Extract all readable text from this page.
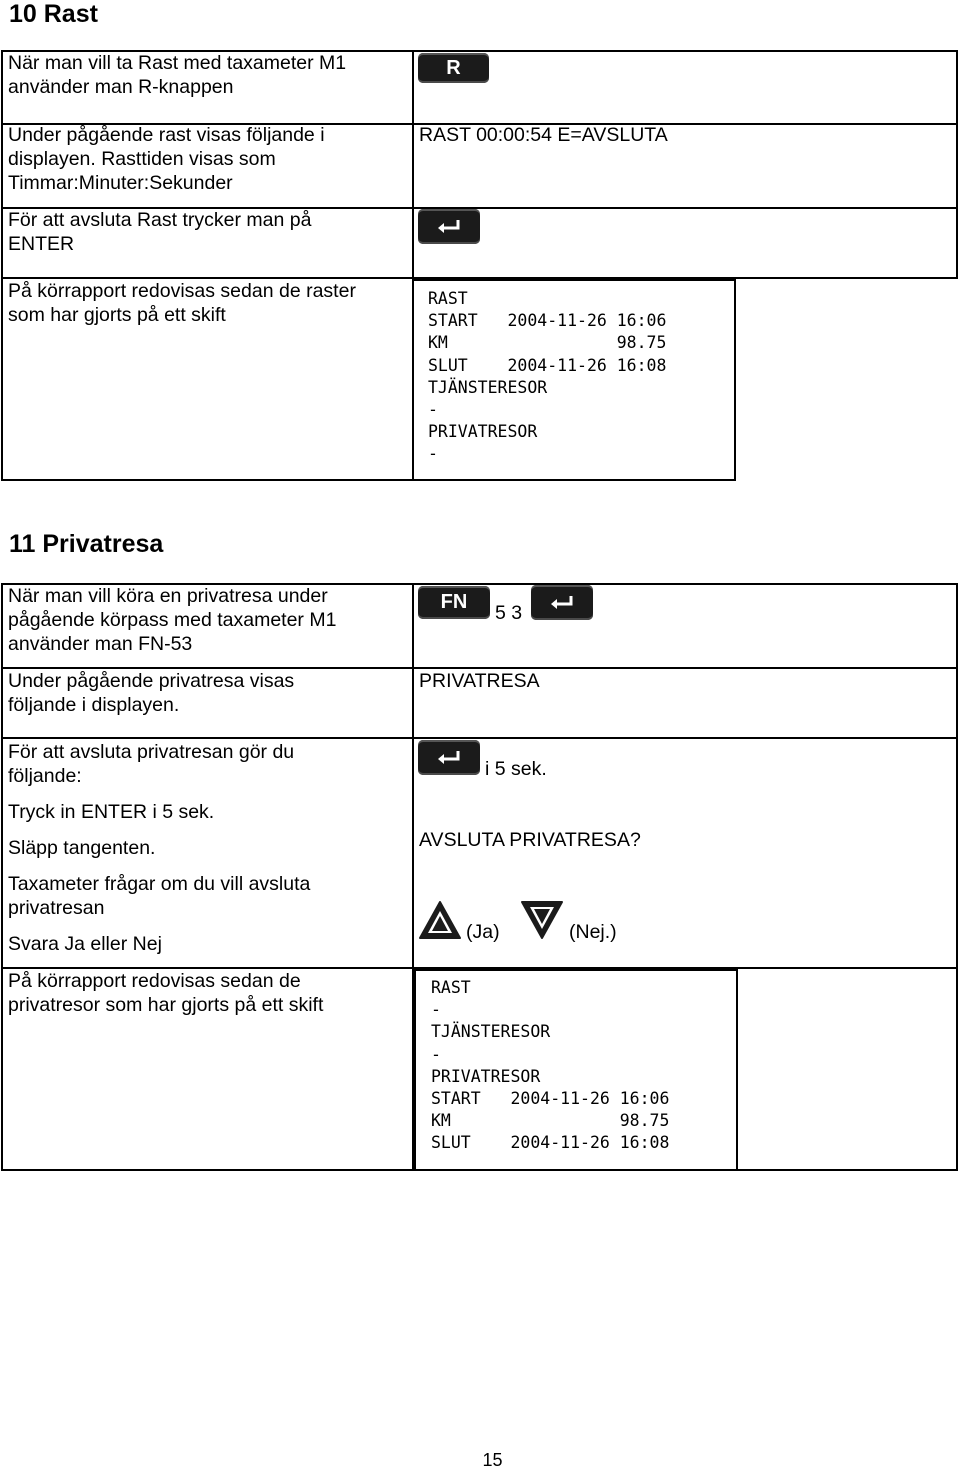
10 Rast
När man vill ta Rast med taxameter M1
använder man R-knappen
Under pågående rast visas följande i
displayen. Rasttiden visas som
Timmar:Minuter:Sekunder
För att avsluta Rast trycker man på
ENTER
På körrapport redovisas sedan de raster
som har gjorts på ett skift
R
RAST 00:00:54 E=AVSLUTA
RAST
START   2004-11-26 16:06
KM                 98.75
SLUT    2004-11-26 16:08
TJÄNSTERESOR
-
PRIVATRESOR
-
11 Privatresa
När man vill köra en privatresa under
pågående körpass med taxameter M1
använder man FN-53
Under pågående privatresa visas
följande i displayen.
För att avsluta privatresan gör du
följande:
Tryck in ENTER i 5 sek.
Släpp tangenten.
Taxameter frågar om du vill avsluta
privatresan
Svara Ja eller Nej
På körrapport redovisas sedan de
privatresor som har gjorts på ett skift
FN 5 3
PRIVATRESA
i 5 sek.
AVSLUTA PRIVATRESA?
(Ja)	(Nej.)
RAST
-
TJÄNSTERESOR
-
PRIVATRESOR
START   2004-11-26 16:06
KM                 98.75
SLUT    2004-11-26 16:08
15
